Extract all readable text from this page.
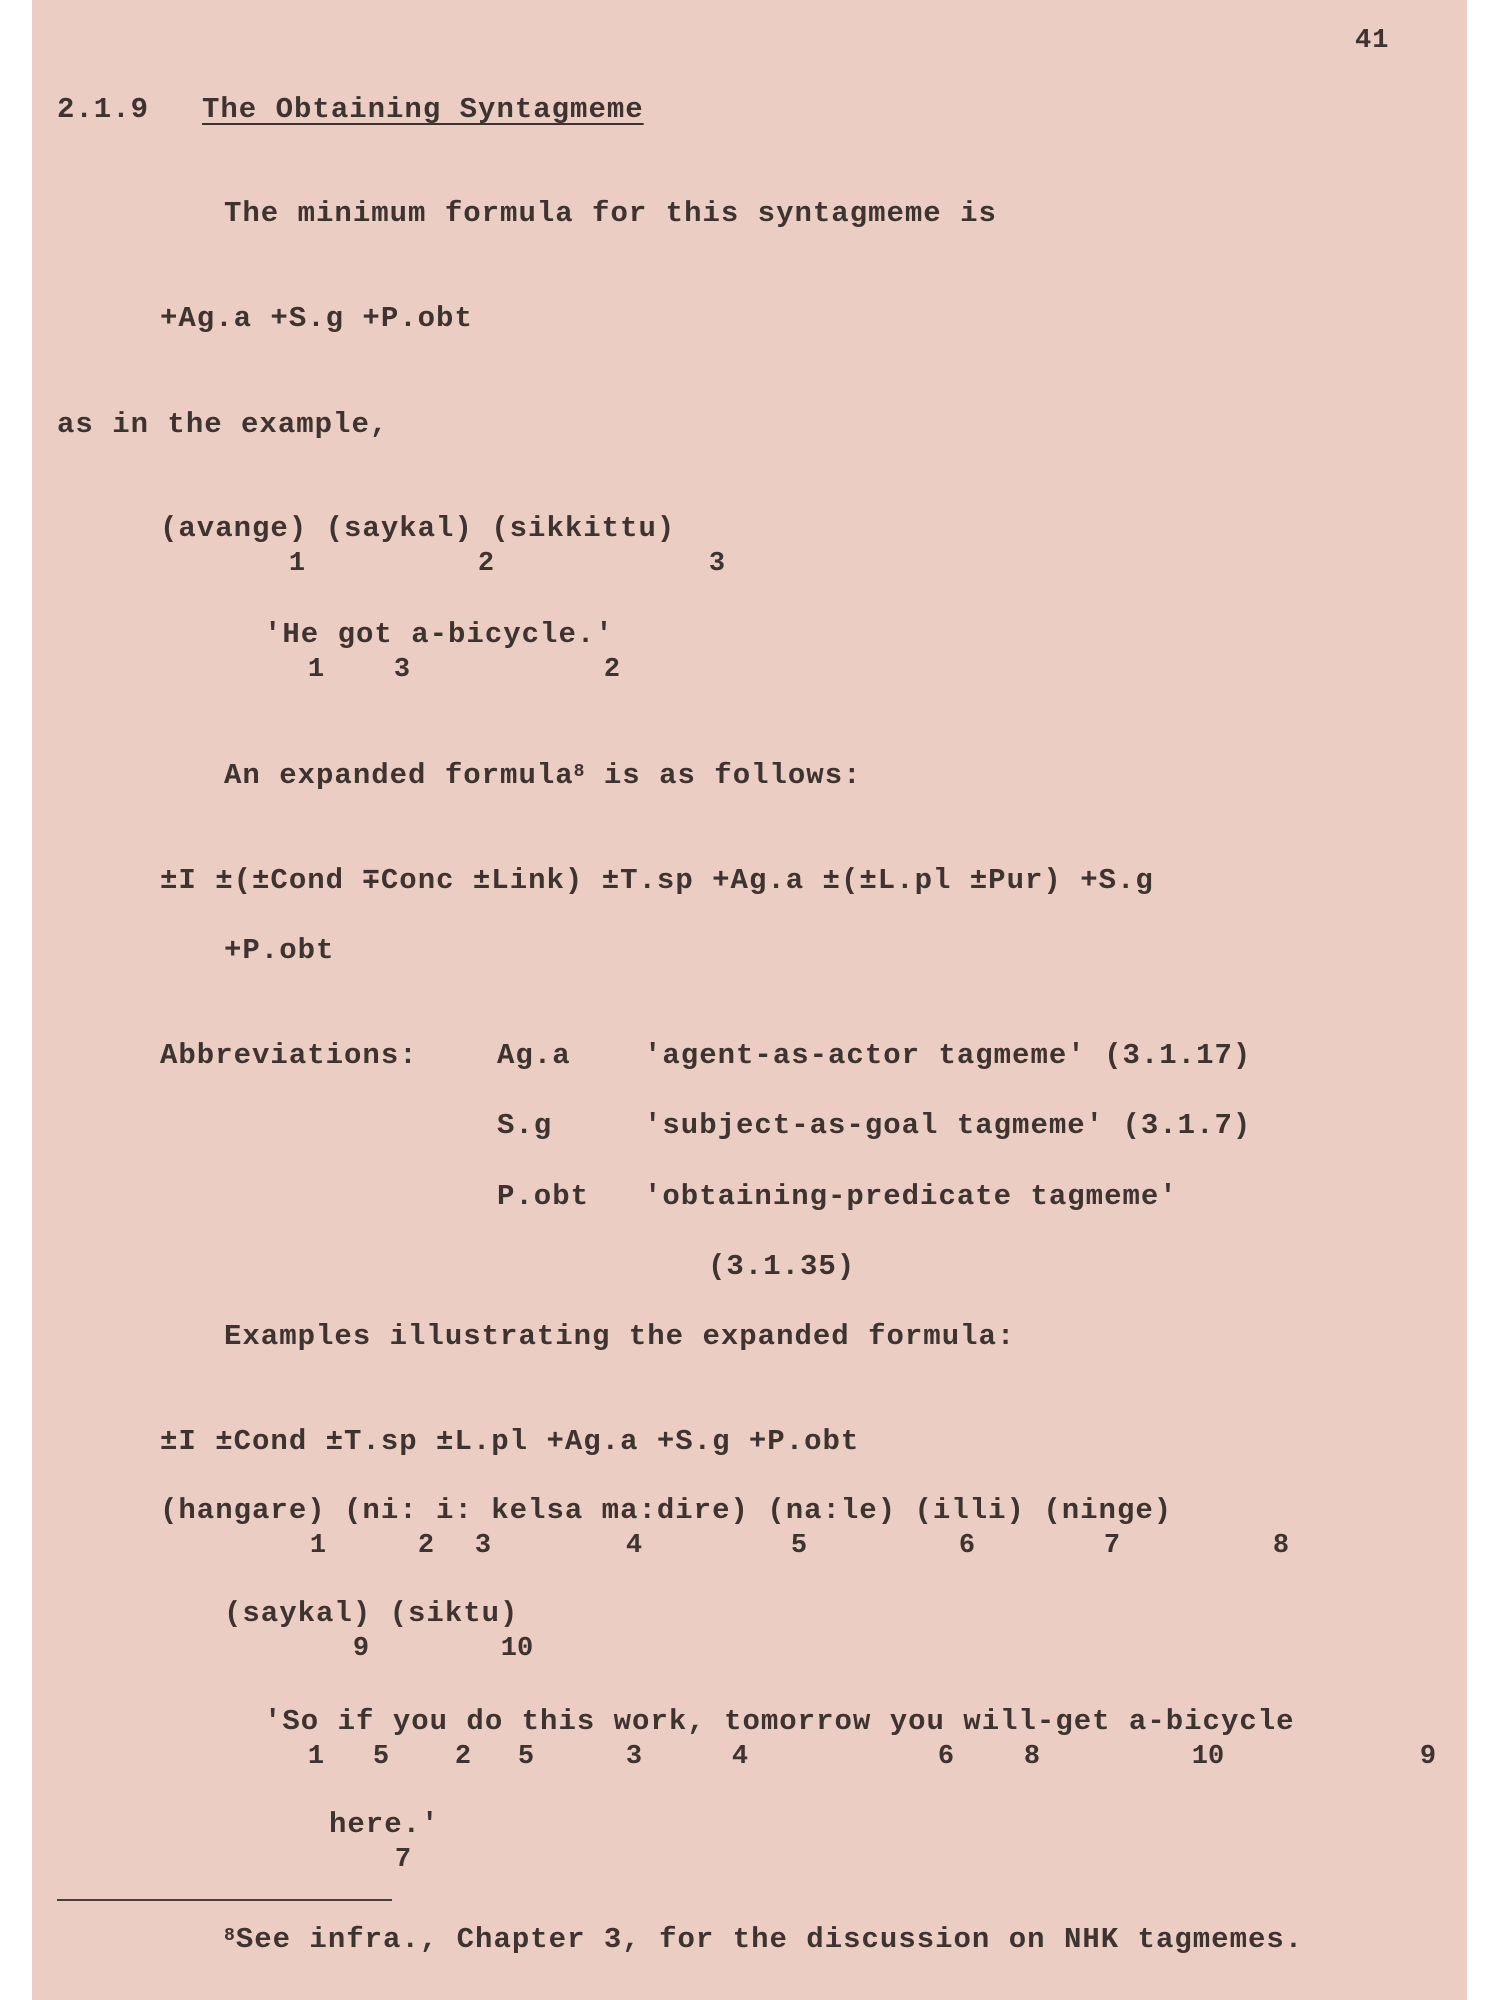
41
2.1.9 The Obtaining Syntagmeme
The minimum formula for this syntagmeme is
+Ag.a +S.g +P.obt
as in the example,
(avange) (saykal) (sikkittu)
1	2	3
'He got a-bicycle.'
1	3	2
An expanded formula$^8$ is as follows:
±I ±(±Cond ∓Conc ±Link) ±T.sp +Ag.a ±(±L.pl ±Pur) +S.g
+P.obt
Abbreviations:	Ag.a	'agent-as-actor tagmeme' (3.1.17)
S.g	'subject-as-goal tagmeme' (3.1.7)
P.obt 'obtaining-predicate tagmeme'
(3.1.35)
Examples illustrating the expanded formula:
±I ±Cond ±T.sp ±L.pl +Ag.a +S.g +P.obt
(hangare) (ni: i: kelsa ma:dire) (na:le) (illi) (ninge)
1	2 3	4	5	6	7	8
(saykal) (siktu)
9	10
'So if you do this work, tomorrow you will-get a-bicycle
1 5 2 5	3	4	6	8	10	9
here.'
7
$^8$See infra., Chapter 3, for the discussion on NHK tagmemes.
